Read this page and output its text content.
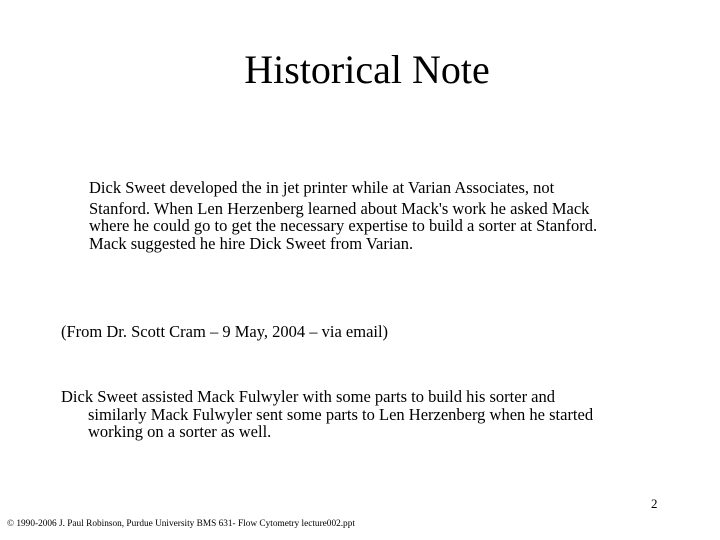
Historical Note
Dick Sweet developed the in jet printer while at Varian Associates, not
Stanford. When Len Herzenberg learned about Mack's work he asked Mack
where he could go to get the necessary expertise to build a sorter at Stanford.
Mack suggested he hire Dick Sweet from Varian.
(From Dr. Scott Cram – 9 May, 2004 – via email)
Dick Sweet assisted Mack Fulwyler with some parts to build his sorter and
similarly Mack Fulwyler sent some parts to Len Herzenberg when he started
working on a sorter as well.
2
© 1990-2006 J. Paul Robinson, Purdue University BMS 631- Flow Cytometry lecture002.ppt
